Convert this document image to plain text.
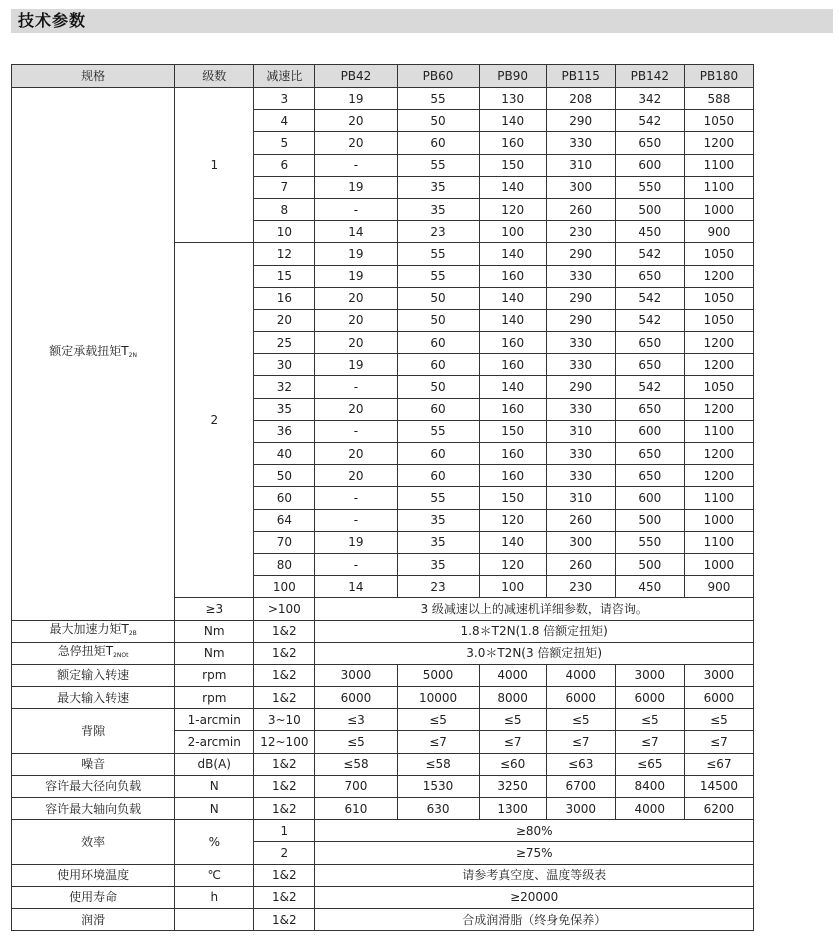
技术参数
规格	级数	减速比	PB42	PB60	PB90	PB115	PB142	PB180
额定承载扭矩$T_{2N}$	1	3	19	55	130	208	342	588
		4	20	50	140	290	542	1050
		5	20	60	160	330	650	1200
		6	-	55	150	310	600	1100
		7	19	35	140	300	550	1100
		8	-	35	120	260	500	1000
		10	14	23	100	230	450	900
	2	12	19	55	140	290	542	1050
		15	19	55	160	330	650	1200
		16	20	50	140	290	542	1050
		20	20	50	140	290	542	1050
		25	20	60	160	330	650	1200
		30	19	60	160	330	650	1200
		32	-	50	140	290	542	1050
		35	20	60	160	330	650	1200
		36	-	55	150	310	600	1100
		40	20	60	160	330	650	1200
		50	20	60	160	330	650	1200
		60	-	55	150	310	600	1100
		64	-	35	120	260	500	1000
		70	19	35	140	300	550	1100
		80	-	35	120	260	500	1000
		100	14	23	100	230	450	900
	≥3	>100	3 级减速以上的减速机详细参数，请咨询。					
最大加速力矩$T_{2B}$	Nm	1&2	1.8＊T2N(1.8 倍额定扭矩)					
急停扭矩$T_{2NOt}$	Nm	1&2	3.0＊T2N(3 倍额定扭矩)					
额定输入转速	rpm	1&2	3000	5000	4000	4000	3000	3000
最大输入转速	rpm	1&2	6000	10000	8000	6000	6000	6000
背隙	1-arcmin	3~10	≤3	≤5	≤5	≤5	≤5	≤5
	2-arcmin	12~100	≤5	≤7	≤7	≤7	≤7	≤7
噪音	dB(A)	1&2	≤58	≤58	≤60	≤63	≤65	≤67
容许最大径向负载	N	1&2	700	1530	3250	6700	8400	14500
容许最大轴向负载	N	1&2	610	630	1300	3000	4000	6200
效率	%	1	≥80%					
		2	≥75%					
使用环境温度	℃	1&2	请参考真空度、温度等级表					
使用寿命	h	1&2	≥20000					
润滑		1&2	合成润滑脂（终身免保养）					
